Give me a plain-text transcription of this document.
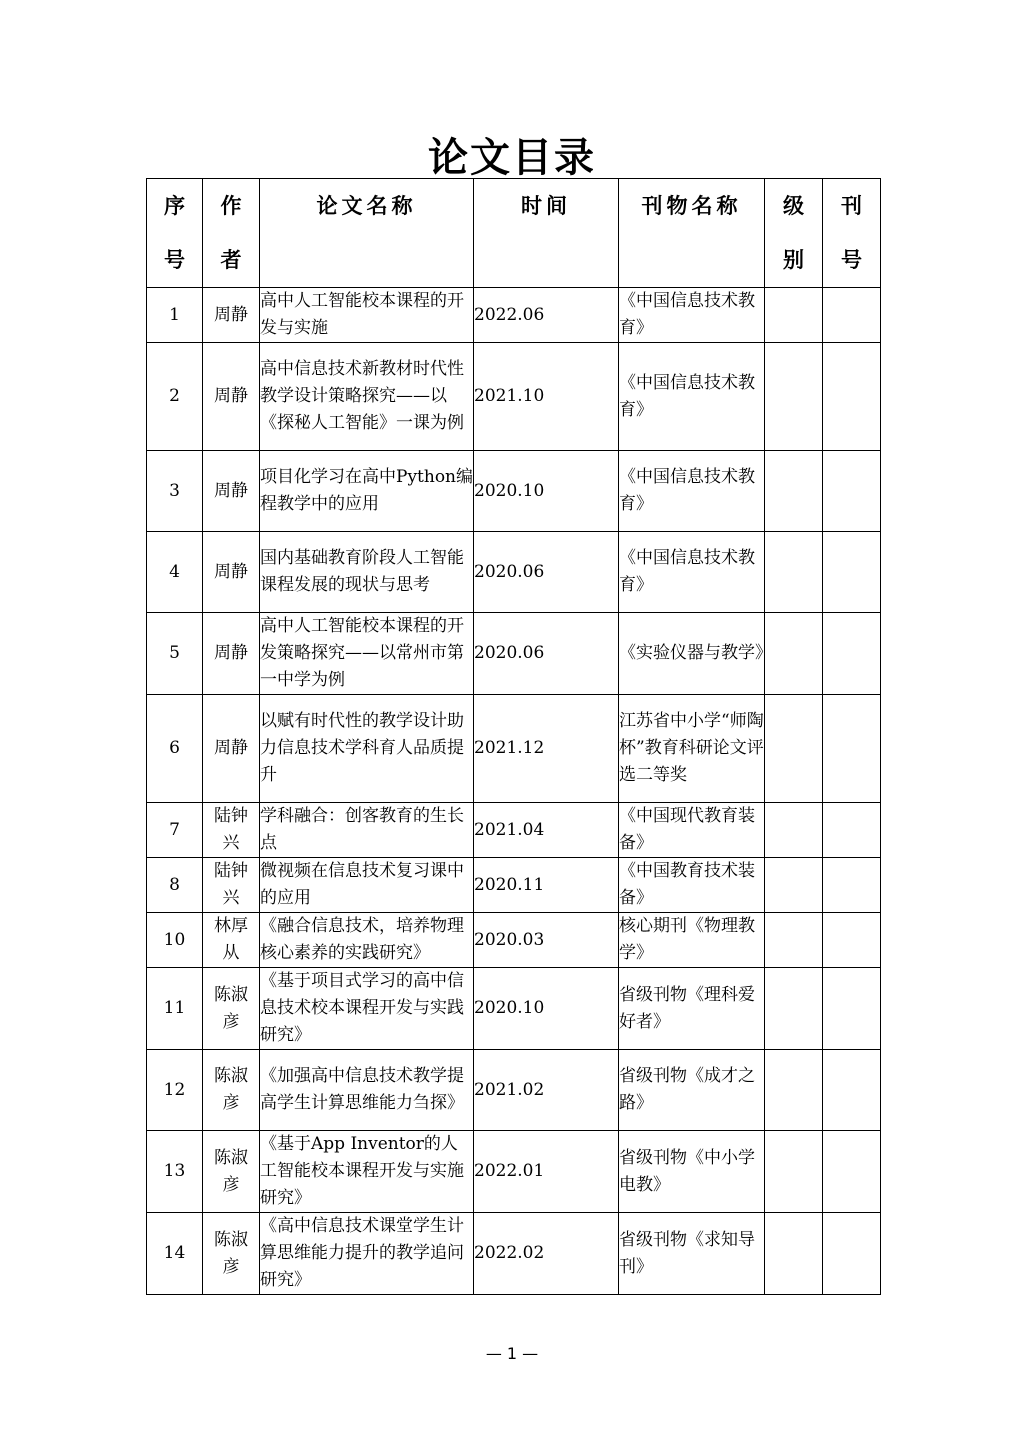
论文目录
序号	作者	论文名称	时间	刊物名称	级别	刊号

1	周静	高中人工智能校本课程的开发与实施	2022.06	《中国信息技术教育》		
2	周静	高中信息技术新教材时代性教学设计策略探究——以《探秘人工智能》一课为例	2021.10	《中国信息技术教育》		
3	周静	项目化学习在高中Python编程教学中的应用	2020.10	《中国信息技术教育》		
4	周静	国内基础教育阶段人工智能课程发展的现状与思考	2020.06	《中国信息技术教育》		
5	周静	高中人工智能校本课程的开发策略探究——以常州市第一中学为例	2020.06	《实验仪器与教学》		
6	周静	以赋有时代性的教学设计助力信息技术学科育人品质提升	2021.12	江苏省中小学“师陶杯”教育科研论文评选二等奖		
7	陆钟兴	学科融合：创客教育的生长点	2021.04	《中国现代教育装备》		
8	陆钟兴	微视频在信息技术复习课中的应用	2020.11	《中国教育技术装备》		
10	林厚从	《融合信息技术，培养物理核心素养的实践研究》	2020.03	核心期刊《物理教学》		
11	陈淑彦	《基于项目式学习的高中信息技术校本课程开发与实践研究》	2020.10	省级刊物《理科爱好者》		
12	陈淑彦	《加强高中信息技术教学提高学生计算思维能力刍探》	2021.02	省级刊物《成才之路》		
13	陈淑彦	《基于App Inventor的人工智能校本课程开发与实施研究》	2022.01	省级刊物《中小学电教》		
14	陈淑彦	《高中信息技术课堂学生计算思维能力提升的教学追问研究》	2022.02	省级刊物《求知导刊》		
— 1 —
